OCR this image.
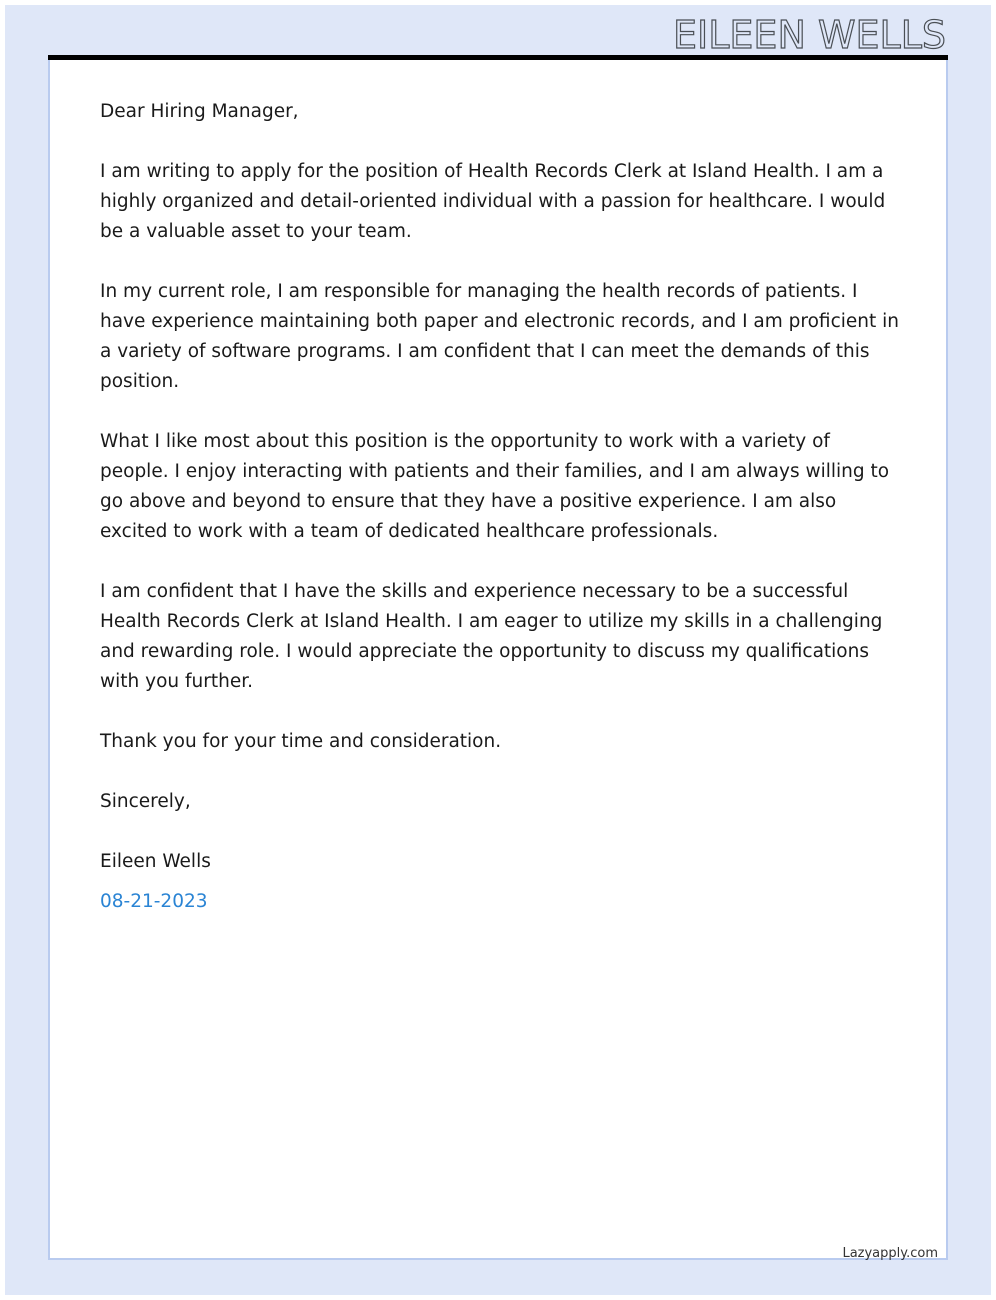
EILEEN WELLS

Dear Hiring Manager,

I am writing to apply for the position of Health Records Clerk at Island Health. I am a highly organized and detail-oriented individual with a passion for healthcare. I would be a valuable asset to your team.

In my current role, I am responsible for managing the health records of patients. I have experience maintaining both paper and electronic records, and I am proficient in a variety of software programs. I am confident that I can meet the demands of this position.

What I like most about this position is the opportunity to work with a variety of people. I enjoy interacting with patients and their families, and I am always willing to go above and beyond to ensure that they have a positive experience. I am also excited to work with a team of dedicated healthcare professionals.

I am confident that I have the skills and experience necessary to be a successful Health Records Clerk at Island Health. I am eager to utilize my skills in a challenging and rewarding role. I would appreciate the opportunity to discuss my qualifications with you further.

Thank you for your time and consideration.

Sincerely,

Eileen Wells

08-21-2023

Lazyapply.com
